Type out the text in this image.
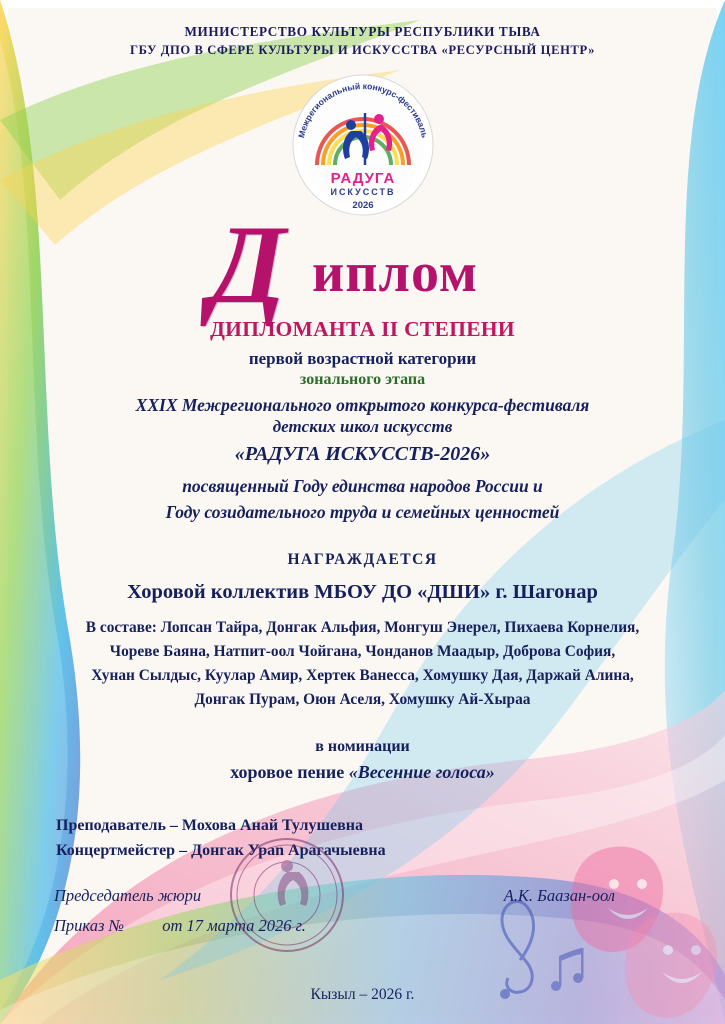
МИНИСТЕРСТВО КУЛЬТУРЫ РЕСПУБЛИКИ ТЫВА
ГБУ ДПО В СФЕРЕ КУЛЬТУРЫ И ИСКУССТВА «РЕСУРСНЫЙ ЦЕНТР»
Межрегиональный конкурс-фестиваль
РАДУГА
ИСКУССТВ
2026
Д иплом
ДИПЛОМАНТА II СТЕПЕНИ
первой возрастной категории
зонального этапа
XXIX Межрегионального открытого конкурса-фестиваля
детских школ искусств
«РАДУГА ИСКУССТВ-2026»
посвященный Году единства народов России и
Году созидательного труда и семейных ценностей
НАГРАЖДАЕТСЯ
Хоровой коллектив МБОУ ДО «ДШИ» г. Шагонар
В составе: Лопсан Тайра, Донгак Альфия, Монгуш Энерел, Пихаева Корнелия,
Чореве Баяна, Натпит-оол Чойгана, Чонданов Маадыр, Доброва София,
Хунан Сылдыс, Куулар Амир, Хертек Ванесса, Хомушку Дая, Даржай Алина,
Донгак Пурам, Оюн Аселя, Хомушку Ай-Хыраа
в номинации
хоровое пение «Весенние голоса»
Преподаватель – Мохова Анай Тулушевна
Концертмейстер – Донгак Ураn Арагачыевна
Председатель жюри
Приказ № от 17 марта 2026 г.
А.К. Баазан-оол
Кызыл – 2026 г.
